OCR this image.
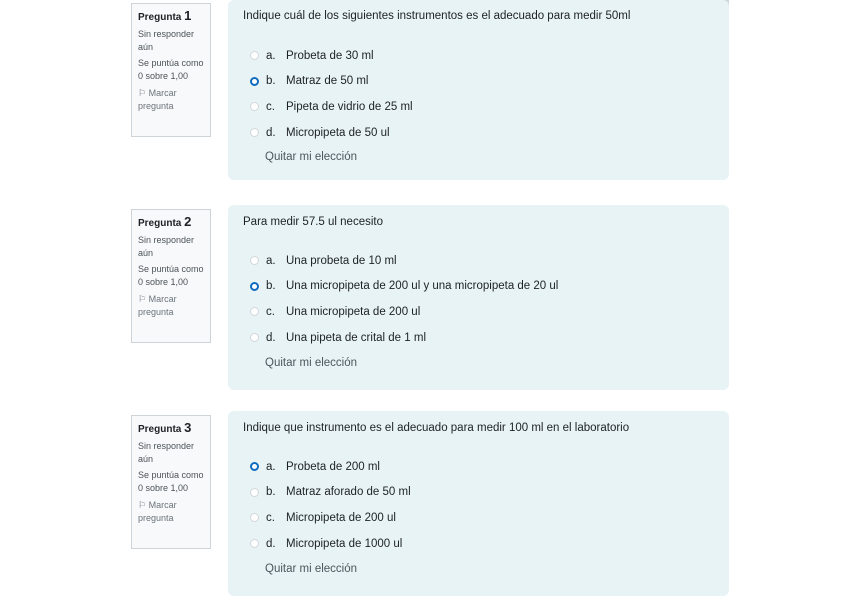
Pregunta 1
Sin responder aún
Se puntúa como 0 sobre 1,00
⚐ Marcar pregunta
Indique cuál de los siguientes instrumentos es el adecuado para medir 50ml
a. Probeta de 30 ml
b. Matraz de 50 ml
c. Pipeta de vidrio de 25 ml
d. Micropipeta de 50 ul
Quitar mi elección
Pregunta 2
Sin responder aún
Se puntúa como 0 sobre 1,00
⚐ Marcar pregunta
Para medir 57.5 ul necesito
a. Una probeta de 10 ml
b. Una micropipeta de 200 ul y una micropipeta de 20 ul
c. Una micropipeta de 200 ul
d. Una pipeta de crital de 1 ml
Quitar mi elección
Pregunta 3
Sin responder aún
Se puntúa como 0 sobre 1,00
⚐ Marcar pregunta
Indique que instrumento es el adecuado para medir 100 ml en el laboratorio
a. Probeta de 200 ml
b. Matraz aforado de 50 ml
c. Micropipeta de 200 ul
d. Micropipeta de 1000 ul
Quitar mi elección
